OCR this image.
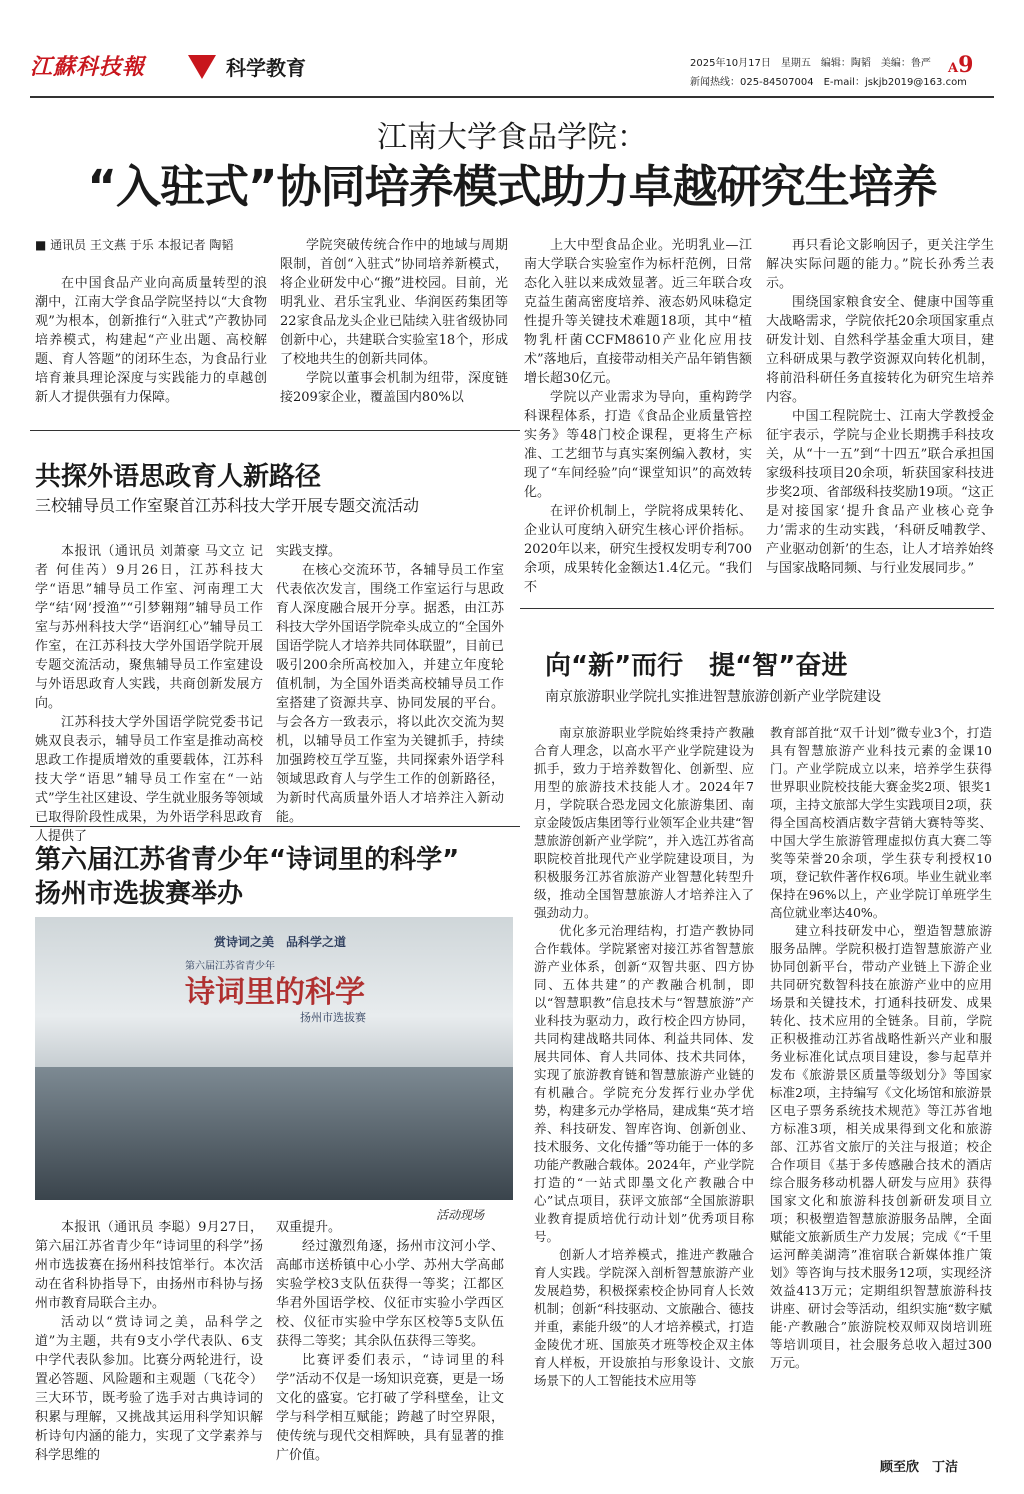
江蘇科技報	科学教育	2025年10月17日　星期五　编辑：陶韬　美编：鲁严
新闻热线：025-84507004　E-mail：jskjb2019@163.com
A9
江南大学食品学院：
“入驻式”协同培养模式助力卓越研究生培养

■ 通讯员 王文燕 于乐 本报记者 陶韬

在中国食品产业向高质量转型的浪潮中，江南大学食品学院坚持以“大食物观”为根本，创新推行“入驻式”产教协同培养模式，构建起“产业出题、高校解题、育人答题”的闭环生态，为食品行业培育兼具理论深度与实践能力的卓越创新人才提供强有力保障。

学院突破传统合作中的地域与周期限制，首创“入驻式”协同培养新模式，将企业研发中心“搬”进校园。目前，光明乳业、君乐宝乳业、华润医药集团等22家食品龙头企业已陆续入驻省级协同创新中心，共建联合实验室18个，形成了校地共生的创新共同体。

学院以董事会机制为纽带，深度链接209家企业，覆盖国内80%以

上大中型食品企业。光明乳业—江南大学联合实验室作为标杆范例，日常态化入驻以来成效显著。近三年联合攻克益生菌高密度培养、液态奶风味稳定性提升等关键技术难题18项，其中“植物乳杆菌CCFM8610产业化应用技术”落地后，直接带动相关产品年销售额增长超30亿元。

学院以产业需求为导向，重构跨学科课程体系，打造《食品企业质量管控实务》等48门校企课程，更将生产标准、工艺细节与真实案例编入教材，实现了“车间经验”向“课堂知识”的高效转化。

在评价机制上，学院将成果转化、企业认可度纳入研究生核心评价指标。2020年以来，研究生授权发明专利700余项，成果转化金额达1.4亿元。“我们不

再只看论文影响因子，更关注学生解决实际问题的能力。”院长孙秀兰表示。

围绕国家粮食安全、健康中国等重大战略需求，学院依托20余项国家重点研发计划、自然科学基金重大项目，建立科研成果与教学资源双向转化机制，将前沿科研任务直接转化为研究生培养内容。

中国工程院院士、江南大学教授金征宇表示，学院与企业长期携手科技攻关，从“十一五”到“十四五”联合承担国家级科技项目20余项，斩获国家科技进步奖2项、省部级科技奖励19项。“这正是对接国家‘提升食品产业核心竞争力’需求的生动实践，‘科研反哺教学、产业驱动创新’的生态，让人才培养始终与国家战略同频、与行业发展同步。”

共探外语思政育人新路径
三校辅导员工作室聚首江苏科技大学开展专题交流活动

本报讯（通讯员 刘萧豪 马文立 记者 何佳芮）9月26日，江苏科技大学“语思”辅导员工作室、河南理工大学“结‘网’授渔”“引梦翱翔”辅导员工作室与苏州科技大学“语润红心”辅导员工作室，在江苏科技大学外国语学院开展专题交流活动，聚焦辅导员工作室建设与外语思政育人实践，共商创新发展方向。

江苏科技大学外国语学院党委书记姚双良表示，辅导员工作室是推动高校思政工作提质增效的重要载体，江苏科技大学“语思”辅导员工作室在“一站式”学生社区建设、学生就业服务等领域已取得阶段性成果，为外语学科思政育人提供了

实践支撑。

在核心交流环节，各辅导员工作室代表依次发言，围绕工作室运行与思政育人深度融合展开分享。据悉，由江苏科技大学外国语学院牵头成立的“全国外国语学院人才培养共同体联盟”，目前已吸引200余所高校加入，并建立年度轮值机制，为全国外语类高校辅导员工作室搭建了资源共享、协同发展的平台。与会各方一致表示，将以此次交流为契机，以辅导员工作室为关键抓手，持续加强跨校互学互鉴，共同探索外语学科领域思政育人与学生工作的创新路径，为新时代高质量外语人才培养注入新动能。

第六届江苏省青少年“诗词里的科学”
扬州市选拔赛举办
赏诗词之美　品科学之道
第六届江苏省青少年
诗词里的科学
扬州市选拔赛
活动现场

本报讯（通讯员 李聪）9月27日，第六届江苏省青少年“诗词里的科学”扬州市选拔赛在扬州科技馆举行。本次活动在省科协指导下，由扬州市科协与扬州市教育局联合主办。

活动以“赏诗词之美，品科学之道”为主题，共有9支小学代表队、6支中学代表队参加。比赛分两轮进行，设置必答题、风险题和主观题（飞花令）三大环节，既考验了选手对古典诗词的积累与理解，又挑战其运用科学知识解析诗句内涵的能力，实现了文学素养与科学思维的

双重提升。

经过激烈角逐，扬州市汶河小学、高邮市送桥镇中心小学、苏州大学高邮实验学校3支队伍获得一等奖；江都区华君外国语学校、仪征市实验小学西区校、仪征市实验中学东区校等5支队伍获得二等奖；其余队伍获得三等奖。

比赛评委们表示，“诗词里的科学”活动不仅是一场知识竞赛，更是一场文化的盛宴。它打破了学科壁垒，让文学与科学相互赋能；跨越了时空界限，使传统与现代交相辉映，具有显著的推广价值。

向“新”而行　提“智”奋进
南京旅游职业学院扎实推进智慧旅游创新产业学院建设

南京旅游职业学院始终秉持产教融合育人理念，以高水平产业学院建设为抓手，致力于培养数智化、创新型、应用型的旅游技术技能人才。2024年7月，学院联合恐龙园文化旅游集团、南京金陵饭店集团等行业领军企业共建“智慧旅游创新产业学院”，并入选江苏省高职院校首批现代产业学院建设项目，为积极服务江苏省旅游产业智慧化转型升级，推动全国智慧旅游人才培养注入了强劲动力。

优化多元治理结构，打造产教协同合作载体。学院紧密对接江苏省智慧旅游产业体系，创新“双智共驱、四方协同、五体共建”的产教融合机制，即以“智慧职教”信息技术与“智慧旅游”产业科技为驱动力，政行校企四方协同，共同构建战略共同体、利益共同体、发展共同体、育人共同体、技术共同体，实现了旅游教育链和智慧旅游产业链的有机融合。学院充分发挥行业办学优势，构建多元办学格局，建成集“英才培养、科技研发、智库咨询、创新创业、技术服务、文化传播”等功能于一体的多功能产教融合载体。2024年，产业学院打造的“一站式即墨文化产教融合中心”试点项目，获评文旅部“全国旅游职业教育提质培优行动计划”优秀项目称号。

创新人才培养模式，推进产教融合育人实践。学院深入剖析智慧旅游产业发展趋势，积极探索校企协同育人长效机制；创新“科技驱动、文旅融合、德技并重，素能升级”的人才培养模式，打造金陵优才班、国旅英才班等校企双主体育人样板，开设旅拍与形象设计、文旅场景下的人工智能技术应用等

教育部首批“双千计划”微专业3个，打造具有智慧旅游产业科技元素的金课10门。产业学院成立以来，培养学生获得世界职业院校技能大赛金奖2项、银奖1项，主持文旅部大学生实践项目2项，获得全国高校酒店数字营销大赛特等奖、中国大学生旅游管理虚拟仿真大赛二等奖等荣誉20余项，学生获专利授权10项，登记软件著作权6项。毕业生就业率保持在96%以上，产业学院订单班学生高位就业率达40%。

建立科技研发中心，塑造智慧旅游服务品牌。学院积极打造智慧旅游产业协同创新平台，带动产业链上下游企业共同研究数智科技在旅游产业中的应用场景和关键技术，打通科技研发、成果转化、技术应用的全链条。目前，学院正积极推动江苏省战略性新兴产业和服务业标准化试点项目建设，参与起草并发布《旅游景区质量等级划分》等国家标准2项，主持编写《文化场馆和旅游景区电子票务系统技术规范》等江苏省地方标准3项，相关成果得到文化和旅游部、江苏省文旅厅的关注与报道；校企合作项目《基于多传感融合技术的酒店综合服务移动机器人研发与应用》获得国家文化和旅游科技创新研发项目立项；积极塑造智慧旅游服务品牌，全面赋能文旅新质生产力发展；完成《“千里运河醉美湖湾”准宿联合新媒体推广策划》等咨询与技术服务12项，实现经济效益413万元；定期组织智慧旅游科技讲座、研讨会等活动，组织实施“数字赋能·产教融合”旅游院校双师双岗培训班等培训项目，社会服务总收入超过300万元。

顾至欣　丁洁
